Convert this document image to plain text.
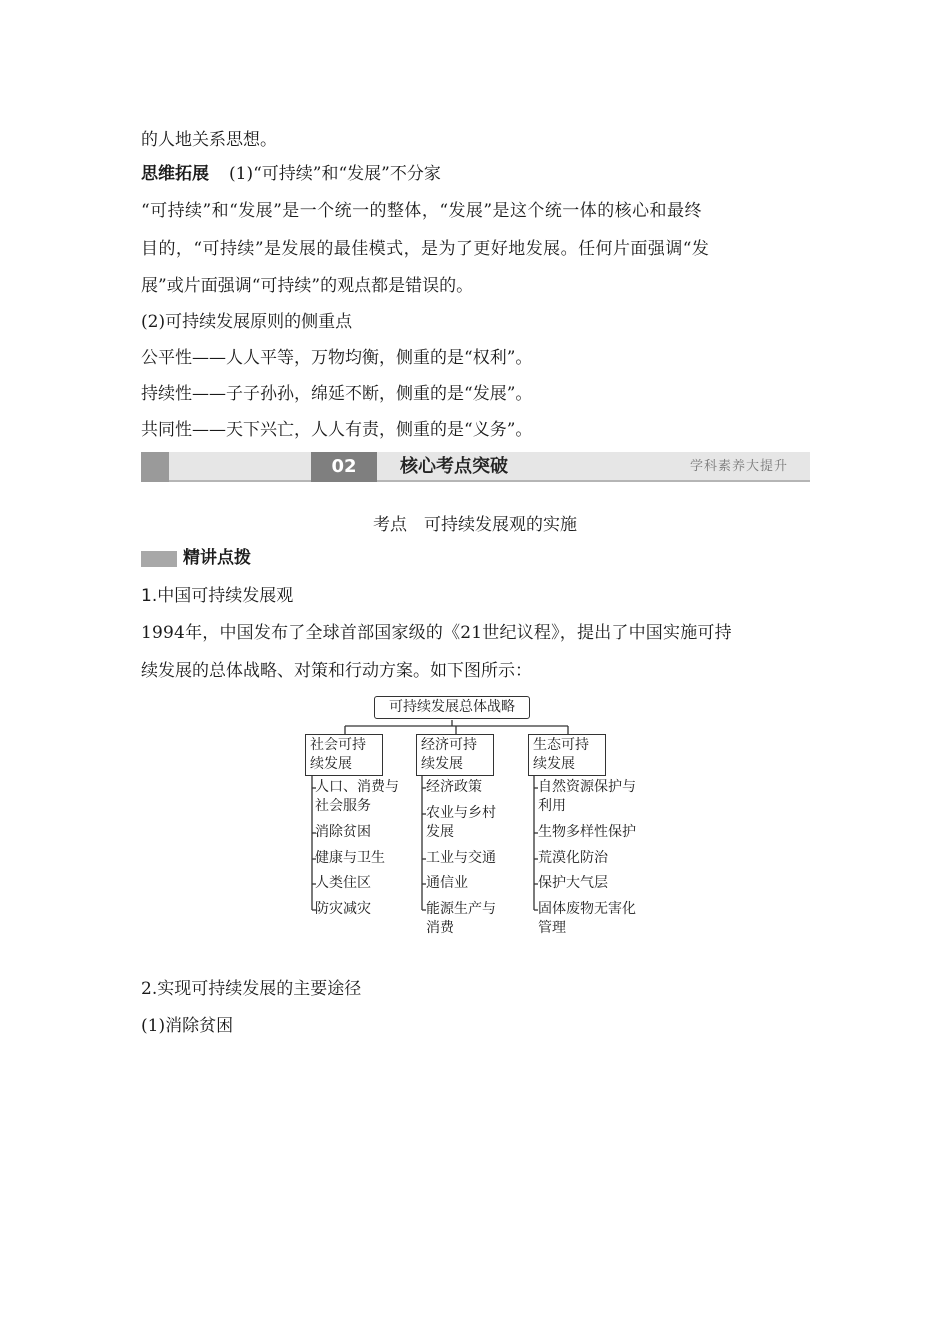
的人地关系思想。
思维拓展 (1)“可持续”和“发展”不分家
“可持续”和“发展”是一个统一的整体，“发展”是这个统一体的核心和最终
目的，“可持续”是发展的最佳模式，是为了更好地发展。任何片面强调“发
展”或片面强调“可持续”的观点都是错误的。
(2)可持续发展原则的侧重点
公平性——人人平等，万物均衡，侧重的是“权利”。
持续性——子子孙孙，绵延不断，侧重的是“发展”。
共同性——天下兴亡，人人有责，侧重的是“义务”。
02	核心考点突破	学科素养大提升
考点　可持续发展观的实施
精讲点拨
1.中国可持续发展观
1994年，中国发布了全球首部国家级的《21世纪议程》，提出了中国实施可持
续发展的总体战略、对策和行动方案。如下图所示：
可持续发展总体战略
社会可持
续发展
经济可持
续发展
生态可持
续发展
人口、消费与
社会服务
消除贫困
健康与卫生
人类住区
防灾减灾
经济政策
农业与乡村
发展
工业与交通
通信业
能源生产与
消费
自然资源保护与
利用
生物多样性保护
荒漠化防治
保护大气层
固体废物无害化
管理
2.实现可持续发展的主要途径
(1)消除贫困
